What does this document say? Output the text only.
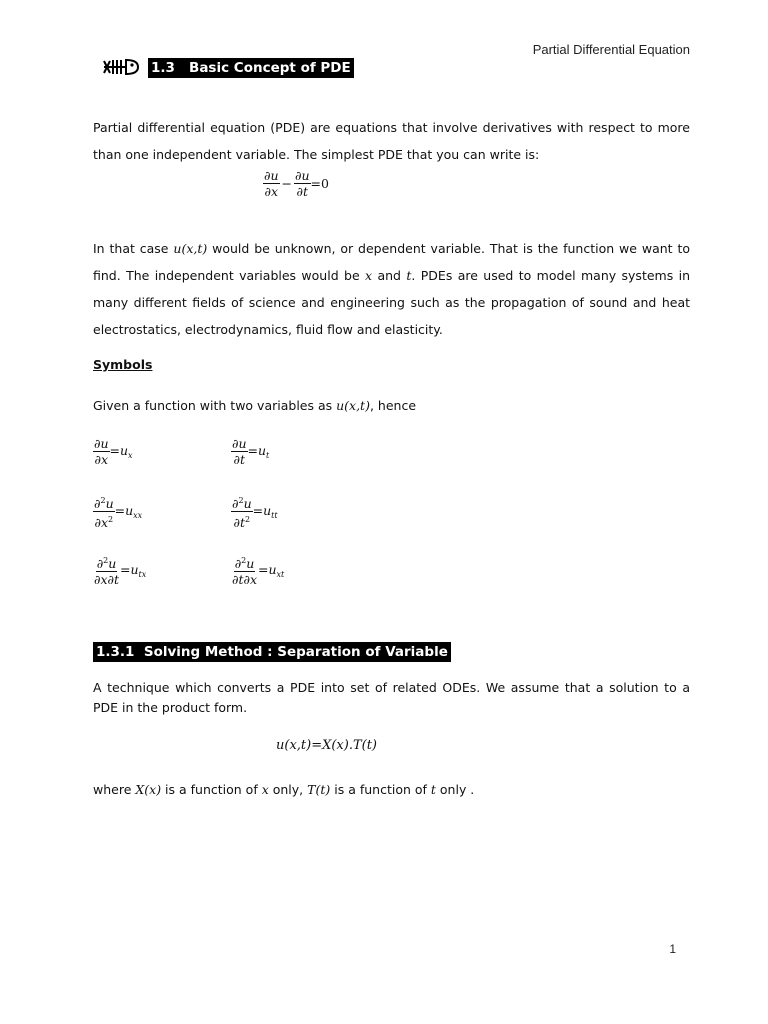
Partial Differential Equation
1.3 Basic Concept of PDE

Partial differential equation (PDE) are equations that involve derivatives with respect to more than one independent variable. The simplest PDE that you can write is:

$\frac{\partial u}{\partial x} - \frac{\partial u}{\partial t} =0$

In that case u(x,t) would be unknown, or dependent variable. That is the function we want to find. The independent variables would be x and t. PDEs are used to model many systems in many different fields of science and engineering such as the propagation of sound and heat electrostatics, electrodynamics, fluid flow and elasticity.

Symbols

Given a function with two variables as u(x,t), hence

$\frac{\partial u}{\partial x} =u_x$	$\frac{\partial u}{\partial t} =u_t$
$\frac{\partial^2u}{\partial x^2} =u_{xx}$	$\frac{\partial^2u}{\partial t^2} =u_{tt}$
$\frac{\partial^2u}{\partial x\partial t} =u_{tx}$	$\frac{\partial^2u}{\partial t\partial x} =u_{xt}$
1.3.1 Solving Method : Separation of Variable

A technique which converts a PDE into set of related ODEs. We assume that a solution to a PDE in the product form.

u(x,t)=X(x).T(t)

where X(x) is a function of x only, T(t) is a function of t only .

1
